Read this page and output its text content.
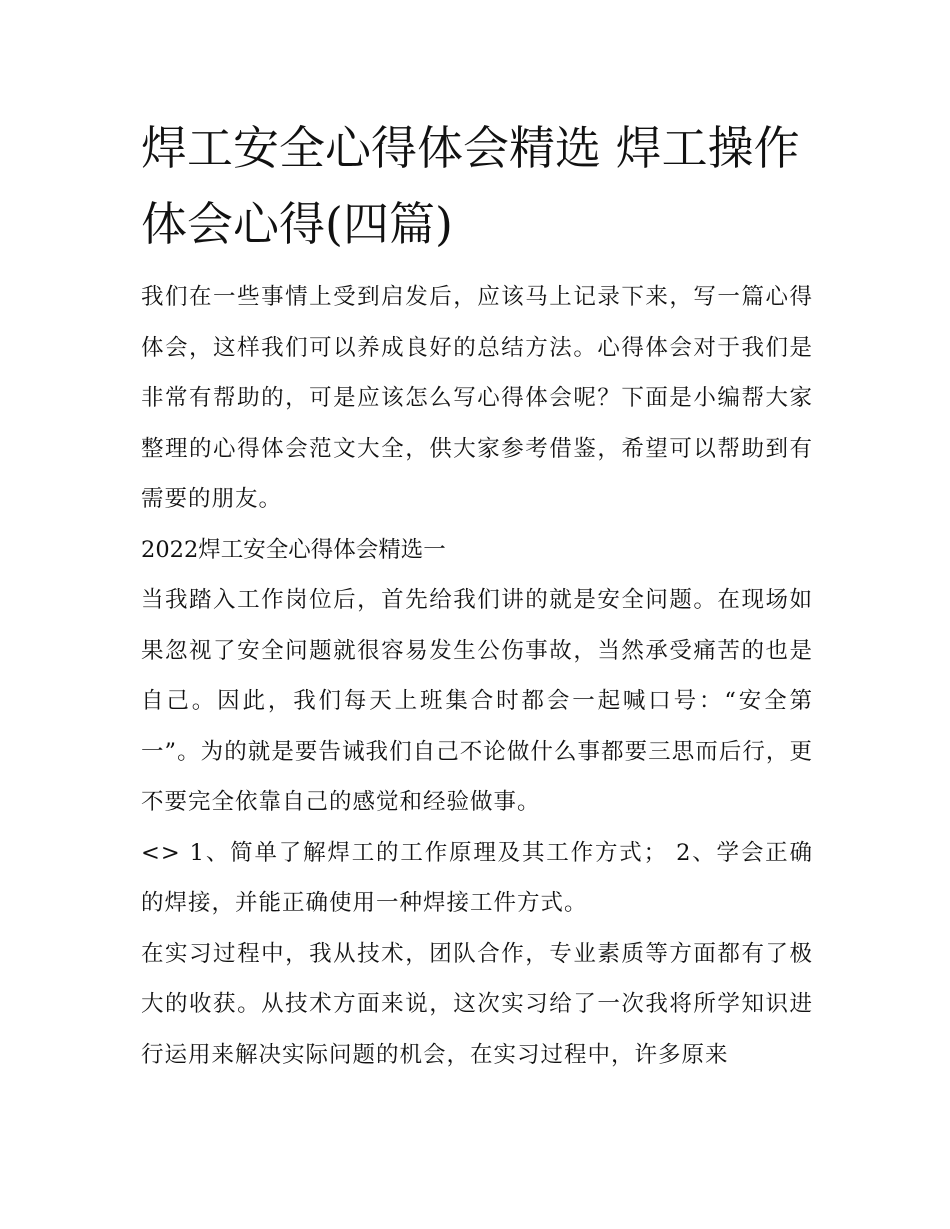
焊工安全心得体会精选 焊工操作体会心得(四篇)

我们在一些事情上受到启发后，应该马上记录下来，写一篇心得体会，这样我们可以养成良好的总结方法。心得体会对于我们是非常有帮助的，可是应该怎么写心得体会呢？下面是小编帮大家整理的心得体会范文大全，供大家参考借鉴，希望可以帮助到有需要的朋友。

2022焊工安全心得体会精选一

当我踏入工作岗位后，首先给我们讲的就是安全问题。在现场如果忽视了安全问题就很容易发生公伤事故，当然承受痛苦的也是自己。因此，我们每天上班集合时都会一起喊口号：“安全第一”。为的就是要告诫我们自己不论做什么事都要三思而后行，更不要完全依靠自己的感觉和经验做事。

<> 1、简单了解焊工的工作原理及其工作方式； 2、学会正确的焊接，并能正确使用一种焊接工件方式。

在实习过程中，我从技术，团队合作，专业素质等方面都有了极大的收获。从技术方面来说，这次实习给了一次我将所学知识进行运用来解决实际问题的机会，在实习过程中，许多原来
